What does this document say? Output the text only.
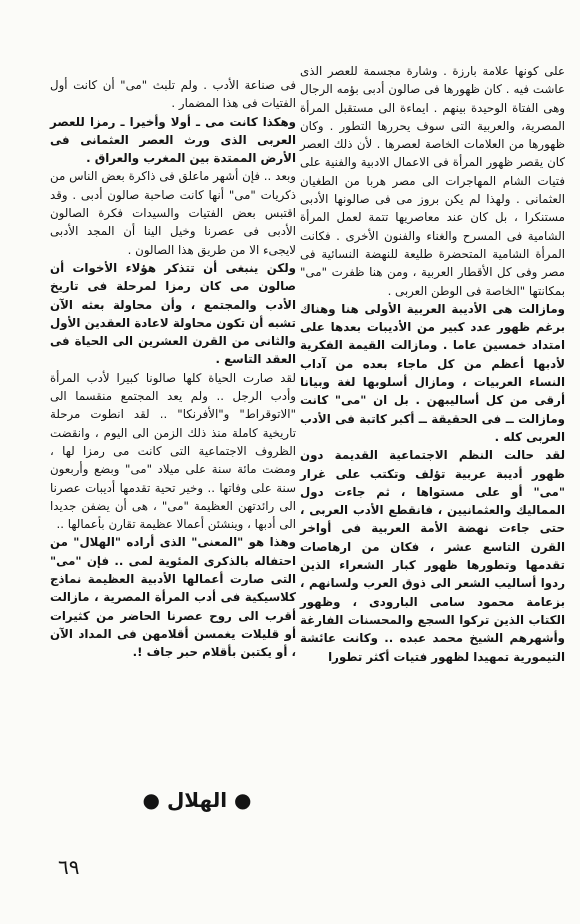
على كونها علامة بارزة . وشارة مجسمة للعصر الذى عاشت فيه . كان ظهورها فى صالون أدبى بؤمه الرجال وهى الفتاة الوحيدة بينهم . ايماءة الى مستقبل المرأة المصرية، والعربية التى سوف يحررها التطور . وكان ظهورها من العلامات الخاصة لعصرها . لأن ذلك العصر كان يقصر ظهور المرأة فى الاعمال الادبية والفنية على فتيات الشام المهاجرات الى مصر هربا من الطغيان العثمانى . ولهذا لم يكن بروز مى فى صالونها الأدبى مستنكرا ، بل كان عند معاصريها تتمة لعمل المرأة الشامية فى المسرح والغناء والفنون الأخرى . فكانت المرأة الشامية المتحضرة طليعة للنهضة النسائية فى مصر وفى كل الأقطار العربية ، ومن هنا ظفرت "مى" بمكانتها "الخاصة فى الوطن العربى .

ومازالت هى الأديبة العربية الأولى هنا وهناك برغم ظهور عدد كبير من الأديبات بعدها على امتداد خمسين عاما . ومازالت القيمة الفكرية لأدبها أعظم من كل ماجاء بعده من آداب النساء العربيات ، ومازال أسلوبها لغة وبيانا أرقى من كل أساليبهن . بل ان "مى" كانت ومازالت ــ فى الحقيقة ــ أكبر كاتبة فى الأدب العربى كله .

لقد حالت النظم الاجتماعية القديمة دون ظهور أديبة عربية تؤلف وتكتب على غرار "مى" أو على مستواها ، ثم جاءت دول المماليك والعثمانيين ، فانقطع الأدب العربى ، حتى جاءت نهضة الأمة العربية فى أواخر القرن التاسع عشر ، فكان من ارهاصات تقدمها وتطورها ظهور كبار الشعراء الذين ردوا أساليب الشعر الى ذوق العرب ولسانهم ، بزعامة محمود سامى البارودى ، وظهور الكتاب الذين تركوا السجع والمحسنات الفارغة وأشهرهم الشيخ محمد عبده .. وكانت عائشة التيمورية تمهيدا لظهور فتيات أكثر تطورا

فى صناعة الأدب . ولم تلبث "مى" أن كانت أول الفتيات فى هذا المضمار .

وهكذا كانت مى ـ أولا وأخيرا ـ رمزا للعصر العربى الذى ورث العصر العثمانى فى الأرض الممتدة بين المغرب والعراق .

وبعد .. فإن أشهر ماعلق فى ذاكرة بعض الناس من ذكريات "مى" أنها كانت صاحبة صالون أدبى . وقد اقتبس بعض الفتيات والسيدات فكرة الصالون الأدبى فى عصرنا وخيل الينا أن المجد الأدبى لايجىء الا من طريق هذا الصالون .

ولكن ينبغى أن تتذكر هؤلاء الأخوات أن صالون مى كان رمزا لمرحلة فى تاريخ الأدب والمجتمع ، وأن محاولة بعثه الآن تشبه أن تكون محاولة لاعادة العقدين الأول والثانى من القرن العشرين الى الحياة فى العقد التاسع .

لقد صارت الحياة كلها صالونا كبيرا لأدب المرأة وأدب الرجل .. ولم يعد المجتمع منقسما الى "الاتوقراط" و"الأفرنكا" .. لقد انطوت مرحلة تاريخية كاملة منذ ذلك الزمن الى اليوم ، وانقضت الظروف الاجتماعية التى كانت مى رمزا لها ، ومضت مائة سنة على ميلاد "مى" وبضع وأربعون سنة على وفاتها .. وخير تحية تقدمها أديبات عصرنا الى رائدتهن العظيمة "مى" ، هى أن يضفن جديدا الى أدبها ، وينشئن أعمالا عظيمة تقارن بأعمالها ..

وهذا هو "المعنى" الذى أراده "الهلال" من احتفاله بالذكرى المئوية لمى .. فإن "مى" التى صارت أعمالها الأدبية العظيمة نماذج كلاسيكية فى أدب المرأة المصرية ، مازالت أقرب الى روح عصرنا الحاضر من كثيرات أو قليلات يغمسن أقلامهن فى المداد الآن ، أو يكتبن بأقلام حبر جاف !.

● الهلال ●
٦٩
